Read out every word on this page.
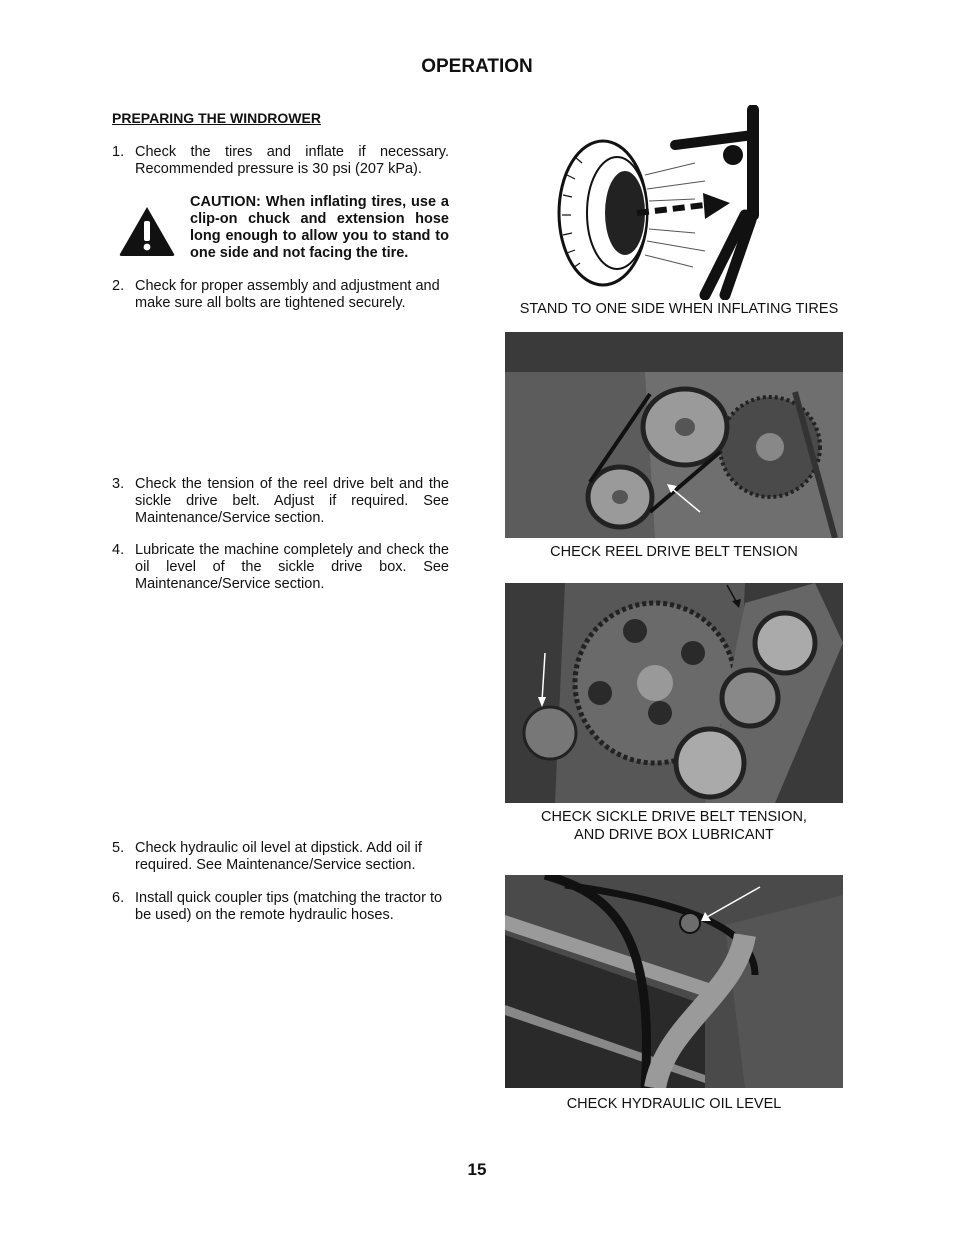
OPERATION
PREPARING THE WINDROWER
1. Check the tires and inflate if necessary. Recommended pressure is 30 psi (207 kPa).
CAUTION: When inflating tires, use a clip-on chuck and extension hose long enough to allow you to stand to one side and not facing the tire.
2. Check for proper assembly and adjustment and make sure all bolts are tightened securely.
3. Check the tension of the reel drive belt and the sickle drive belt. Adjust if required. See Maintenance/Service section.
4. Lubricate the machine completely and check the oil level of the sickle drive box. See Maintenance/Service section.
5. Check hydraulic oil level at dipstick. Add oil if required. See Maintenance/Service section.
6. Install quick coupler tips (matching the tractor to be used) on the remote hydraulic hoses.
STAND TO ONE SIDE WHEN INFLATING TIRES
CHECK REEL DRIVE BELT TENSION
CHECK SICKLE DRIVE BELT TENSION,
AND DRIVE BOX LUBRICANT
CHECK HYDRAULIC OIL LEVEL
15
